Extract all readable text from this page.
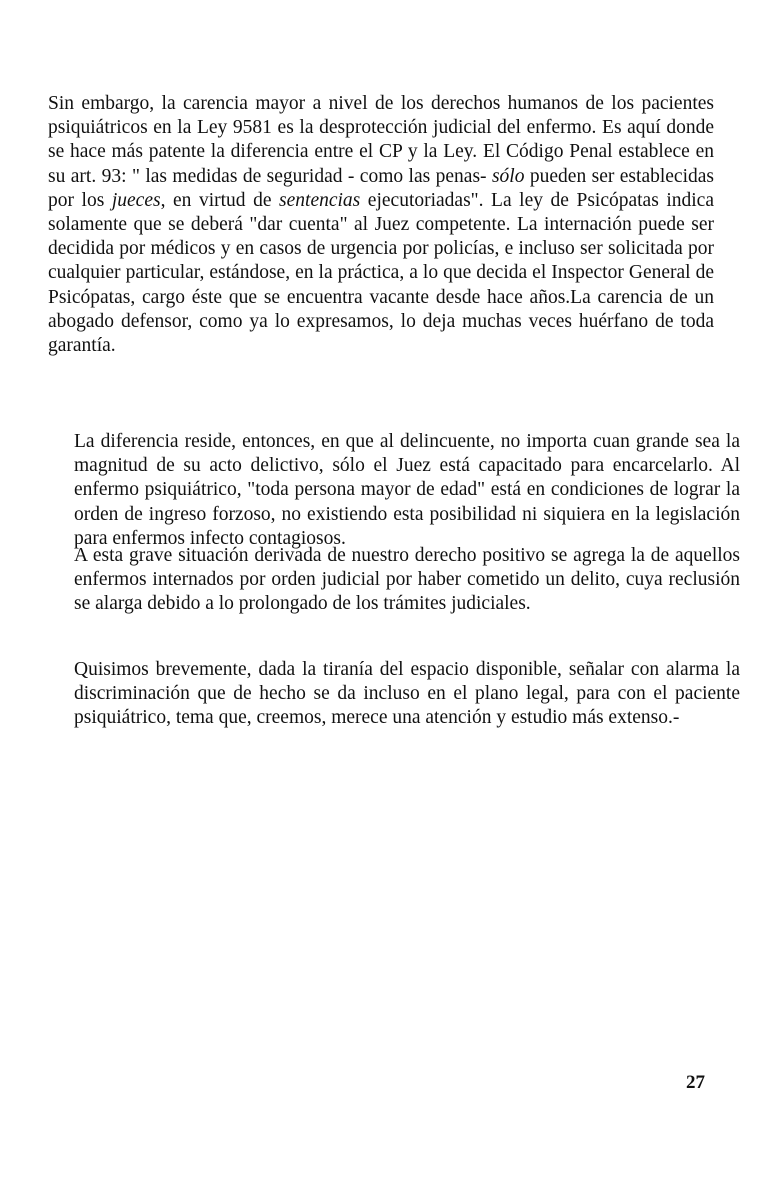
Sin embargo, la carencia mayor a nivel de los derechos humanos de los pacientes psiquiátricos en la Ley 9581 es la desprotección judicial del enfermo. Es aquí donde se hace más patente la diferencia entre el CP y la Ley. El Código Penal establece en su art. 93: " las medidas de seguridad - como las penas- sólo pueden ser establecidas por los jueces, en virtud de sentencias ejecutoriadas". La ley de Psicópatas indica solamente que se deberá "dar cuenta" al Juez competente. La internación puede ser decidida por médicos y en casos de urgencia por policías, e incluso ser solicitada por cualquier particular, estándose, en la práctica, a lo que decida el Inspector General de Psicópatas, cargo éste que se encuentra vacante desde hace años.La carencia de un abogado defensor, como ya lo expresamos, lo deja muchas veces huérfano de toda garantía.

La diferencia reside, entonces, en que al delincuente, no importa cuan grande sea la magnitud de su acto delictivo, sólo el Juez está capacitado para encarcelarlo. Al enfermo psiquiátrico, "toda persona mayor de edad" está en condiciones de lograr la orden de ingreso forzoso, no existiendo esta posibilidad ni siquiera en la legislación para enfermos infecto contagiosos.

A esta grave situación derivada de nuestro derecho positivo se agrega la de aquellos enfermos internados por orden judicial por haber cometido un delito, cuya reclusión se alarga debido a lo prolongado de los trámites judiciales.

Quisimos brevemente, dada la tiranía del espacio disponible, señalar con alarma la discriminación que de hecho se da incluso en el plano legal, para con el paciente psiquiátrico, tema que, creemos, merece una atención y estudio más extenso.-

27
